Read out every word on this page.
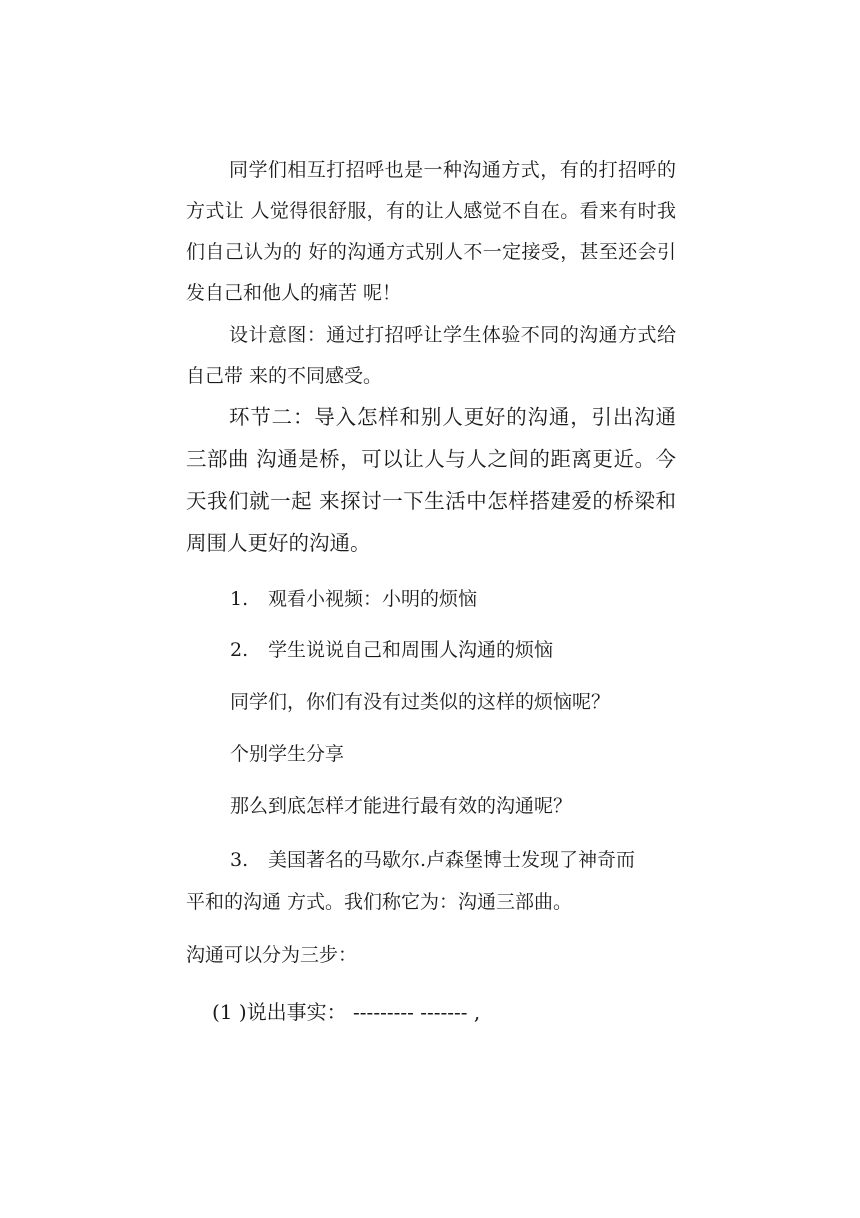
同学们相互打招呼也是一种沟通方式，有的打招呼的方式让 人觉得很舒服，有的让人感觉不自在。看来有时我们自己认为的 好的沟通方式别人不一定接受，甚至还会引发自己和他人的痛苦 呢！

设计意图：通过打招呼让学生体验不同的沟通方式给自己带 来的不同感受。

环节二：导入怎样和别人更好的沟通，引出沟通三部曲 沟通是桥，可以让人与人之间的距离更近。今天我们就一起 来探讨一下生活中怎样搭建爱的桥梁和周围人更好的沟通。

1. 观看小视频：小明的烦恼
2. 学生说说自己和周围人沟通的烦恼
同学们，你们有没有过类似的这样的烦恼呢？
个别学生分享
那么到底怎样才能进行最有效的沟通呢？
3. 美国著名的马歇尔.卢森堡博士发现了神奇而
平和的沟通 方式。我们称它为：沟通三部曲。
沟通可以分为三步：
(1 )说出事实： --------- ------- ,
